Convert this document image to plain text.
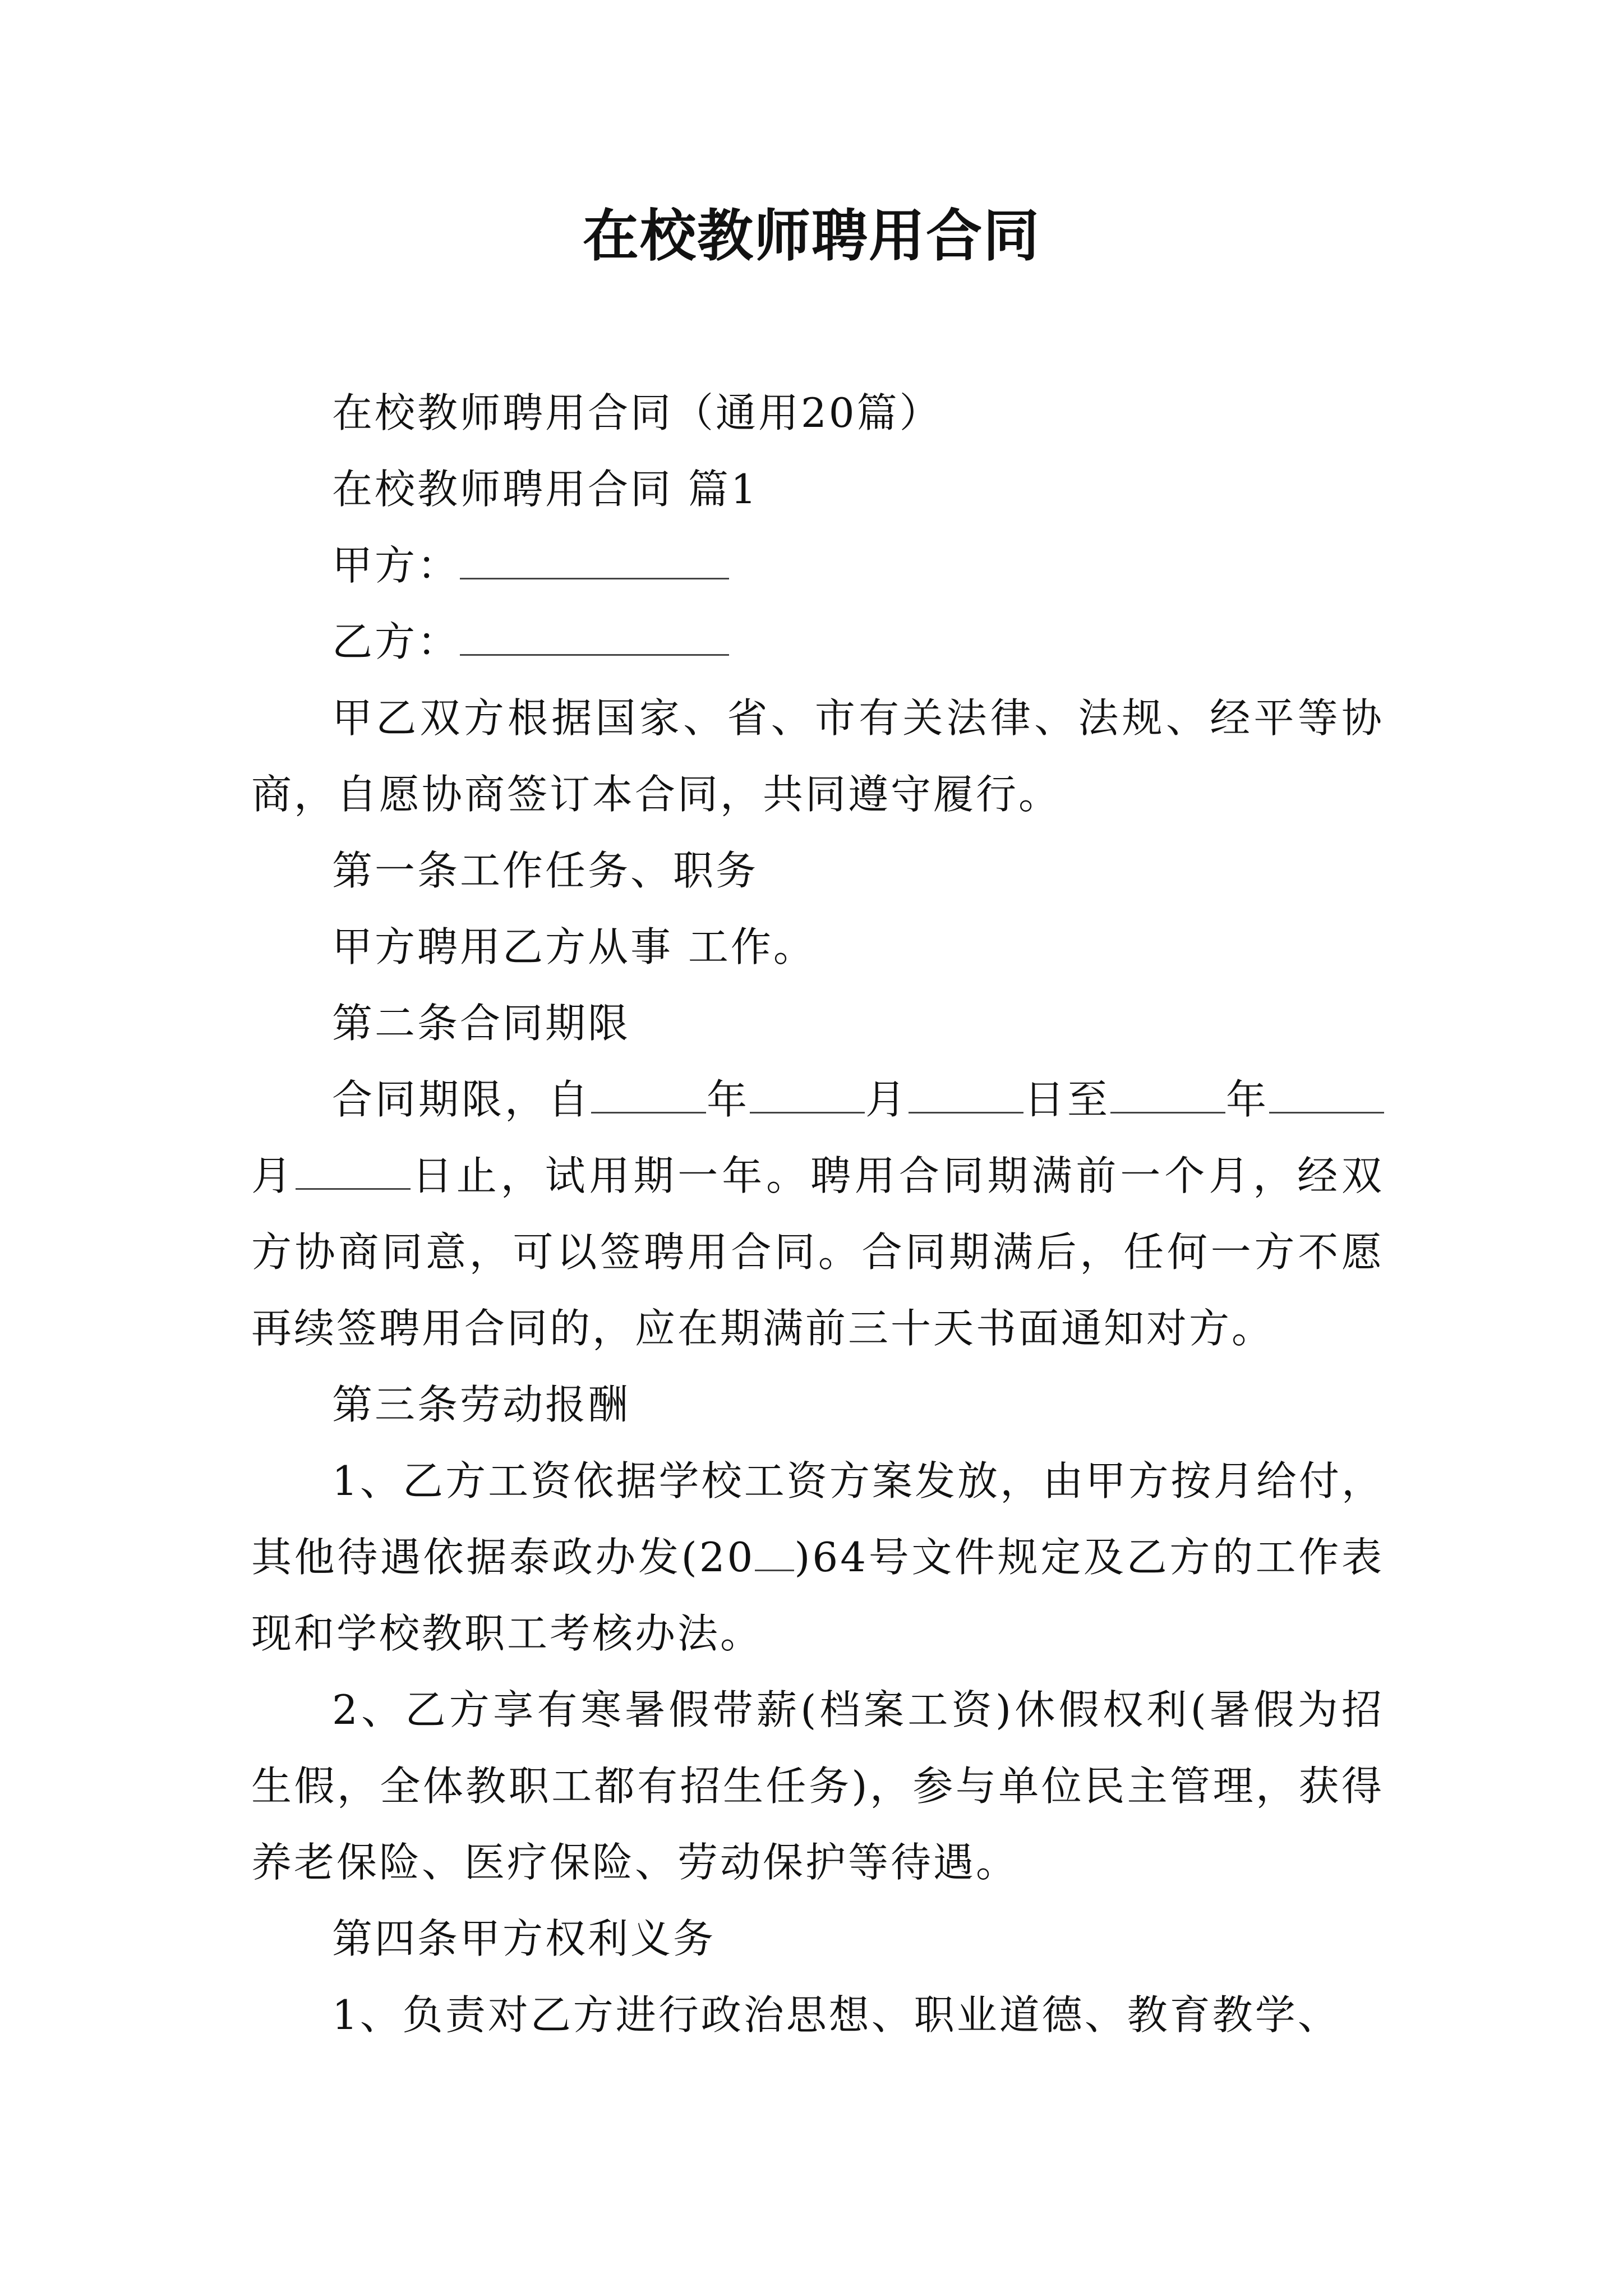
在校教师聘用合同

在校教师聘用合同（通用20篇）

在校教师聘用合同 篇1

甲方：

乙方：

甲乙双方根据国家、省、市有关法律、法规、经平等协商，自愿协商签订本合同，共同遵守履行。

第一条工作任务、职务

甲方聘用乙方从事 工作。

第二条合同期限

合同期限，自	年	月	日至	年月	日止，试用期一年。聘用合同期满前一个月，经双方协商同意，可以签聘用合同。合同期满后，任何一方不愿再续签聘用合同的，应在期满前三十天书面通知对方。

第三条劳动报酬

1、乙方工资依据学校工资方案发放，由甲方按月给付，其他待遇依据泰政办发(20 )64号文件规定及乙方的工作表现和学校教职工考核办法。

2、乙方享有寒暑假带薪(档案工资)休假权利(暑假为招生假，全体教职工都有招生任务)，参与单位民主管理，获得养老保险、医疗保险、劳动保护等待遇。

第四条甲方权利义务

1、负责对乙方进行政治思想、职业道德、教育教学、
